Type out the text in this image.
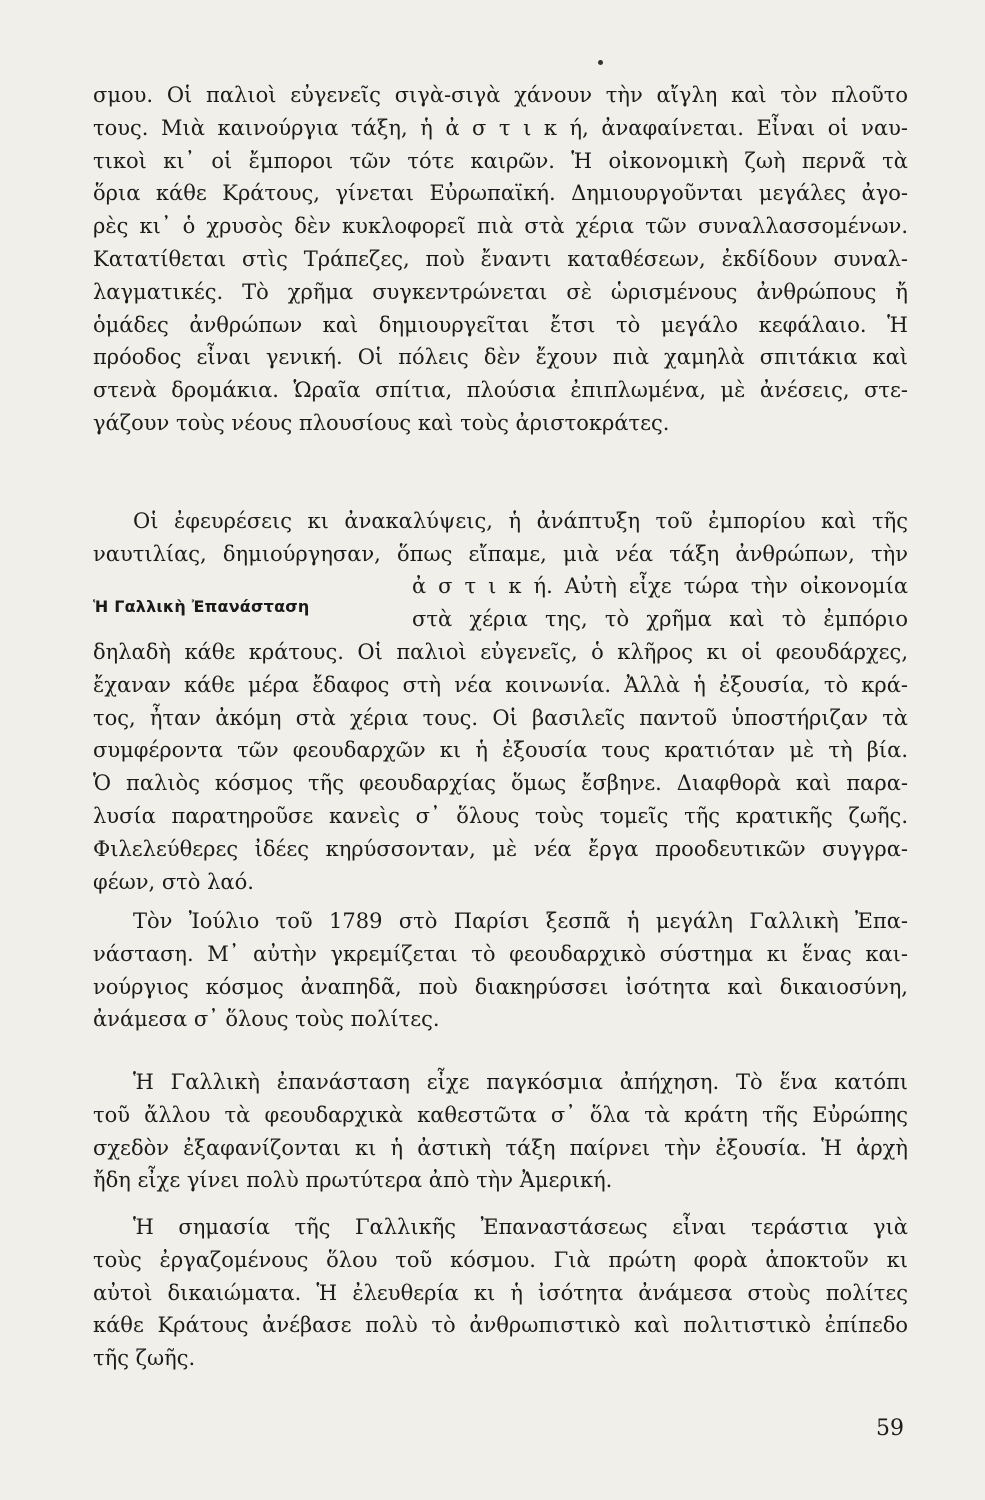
σμου. Οἱ παλιοὶ εὐγενεῖς σιγὰ-σιγὰ χάνουν τὴν αἴγλη καὶ τὸν πλοῦτο
τους. Μιὰ καινούργια τάξη, ἡ ἀ σ τ ι κ ή, ἀναφαίνεται. Εἶναι οἱ ναυ-
τικοὶ κι᾽ οἱ ἔμποροι τῶν τότε καιρῶν. Ἡ οἰκονομικὴ ζωὴ περνᾶ τὰ
ὅρια κάθε Κράτους, γίνεται Εὐρωπαϊκή. Δημιουργοῦνται μεγάλες ἀγο-
ρὲς κι᾽ ὁ χρυσὸς δὲν κυκλοφορεῖ πιὰ στὰ χέρια τῶν συναλλασσομένων.
Κατατίθεται στὶς Τράπεζες, ποὺ ἔναντι καταθέσεων, ἐκδίδουν συναλ-
λαγματικές. Τὸ χρῆμα συγκεντρώνεται σὲ ὡρισμένους ἀνθρώπους ἤ
ὁμάδες ἀνθρώπων καὶ δημιουργεῖται ἔτσι τὸ μεγάλο κεφάλαιο. Ἡ
πρόοδος εἶναι γενική. Οἱ πόλεις δὲν ἔχουν πιὰ χαμηλὰ σπιτάκια καὶ
στενὰ δρομάκια. Ὡραῖα σπίτια, πλούσια ἐπιπλωμένα, μὲ ἀνέσεις, στε-
γάζουν τοὺς νέους πλουσίους καὶ τοὺς ἀριστοκράτες.
Οἱ ἐφευρέσεις κι ἀνακαλύψεις, ἡ ἀνάπτυξη τοῦ ἐμπορίου καὶ τῆς
ναυτιλίας, δημιούργησαν, ὅπως εἴπαμε, μιὰ νέα τάξη ἀνθρώπων, τὴν
Ἡ Γαλλικὴ Ἐπανάσταση
ἀ σ τ ι κ ή. Αὐτὴ εἶχε τώρα τὴν οἰκονομία
στὰ χέρια της, τὸ χρῆμα καὶ τὸ ἐμπόριο
δηλαδὴ κάθε κράτους. Οἱ παλιοὶ εὐγενεῖς, ὁ κλῆρος κι οἱ φεουδάρχες,
ἔχαναν κάθε μέρα ἔδαφος στὴ νέα κοινωνία. Ἀλλὰ ἡ ἐξουσία, τὸ κρά-
τος, ἦταν ἀκόμη στὰ χέρια τους. Οἱ βασιλεῖς παντοῦ ὑποστήριζαν τὰ
συμφέροντα τῶν φεουδαρχῶν κι ἡ ἐξουσία τους κρατιόταν μὲ τὴ βία.
Ὁ παλιὸς κόσμος τῆς φεουδαρχίας ὅμως ἔσβηνε. Διαφθορὰ καὶ παρα-
λυσία παρατηροῦσε κανεὶς σ᾽ ὅλους τοὺς τομεῖς τῆς κρατικῆς ζωῆς.
Φιλελεύθερες ἰδέες κηρύσσονταν, μὲ νέα ἔργα προοδευτικῶν συγγρα-
φέων, στὸ λαό.
Τὸν Ἰούλιο τοῦ 1789 στὸ Παρίσι ξεσπᾶ ἡ μεγάλη Γαλλικὴ Ἐπα-
νάσταση. Μ᾽ αὐτὴν γκρεμίζεται τὸ φεουδαρχικὸ σύστημα κι ἕνας και-
νούργιος κόσμος ἀναπηδᾶ, ποὺ διακηρύσσει ἰσότητα καὶ δικαιοσύνη,
ἀνάμεσα σ᾽ ὅλους τοὺς πολίτες.
Ἡ Γαλλικὴ ἐπανάσταση εἶχε παγκόσμια ἀπήχηση. Τὸ ἕνα κατόπι
τοῦ ἄλλου τὰ φεουδαρχικὰ καθεστῶτα σ᾽ ὅλα τὰ κράτη τῆς Εὐρώπης
σχεδὸν ἐξαφανίζονται κι ἡ ἀστικὴ τάξη παίρνει τὴν ἐξουσία. Ἡ ἀρχὴ
ἤδη εἶχε γίνει πολὺ πρωτύτερα ἀπὸ τὴν Ἀμερική.
Ἡ σημασία τῆς Γαλλικῆς Ἐπαναστάσεως εἶναι τεράστια γιὰ
τοὺς ἐργαζομένους ὅλου τοῦ κόσμου. Γιὰ πρώτη φορὰ ἀποκτοῦν κι
αὐτοὶ δικαιώματα. Ἡ ἐλευθερία κι ἡ ἰσότητα ἀνάμεσα στοὺς πολίτες
κάθε Κράτους ἀνέβασε πολὺ τὸ ἀνθρωπιστικὸ καὶ πολιτιστικὸ ἐπίπεδο
τῆς ζωῆς.
59
